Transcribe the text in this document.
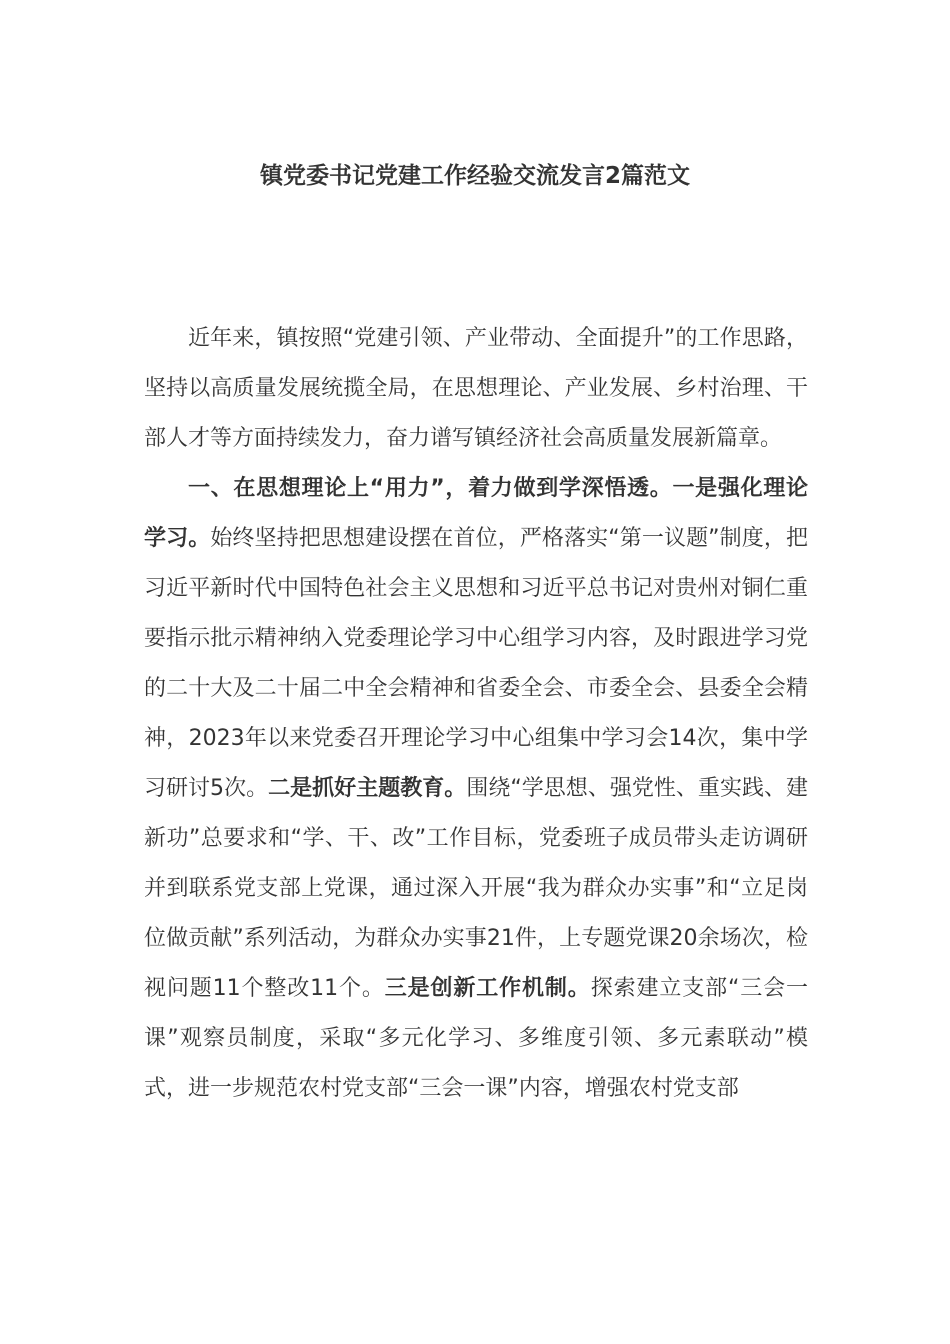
镇党委书记党建工作经验交流发言2篇范文

近年来，镇按照“党建引领、产业带动、全面提升”的工作思路，坚持以高质量发展统揽全局，在思想理论、产业发展、乡村治理、干部人才等方面持续发力，奋力谱写镇经济社会高质量发展新篇章。

一、在思想理论上“用力”，着力做到学深悟透。一是强化理论学习。始终坚持把思想建设摆在首位，严格落实“第一议题”制度，把习近平新时代中国特色社会主义思想和习近平总书记对贵州对铜仁重要指示批示精神纳入党委理论学习中心组学习内容，及时跟进学习党的二十大及二十届二中全会精神和省委全会、市委全会、县委全会精神，2023年以来党委召开理论学习中心组集中学习会14次，集中学习研讨5次。二是抓好主题教育。围绕“学思想、强党性、重实践、建新功”总要求和“学、干、改”工作目标，党委班子成员带头走访调研并到联系党支部上党课，通过深入开展“我为群众办实事”和“立足岗位做贡献”系列活动，为群众办实事21件，上专题党课20余场次，检视问题11个整改11个。三是创新工作机制。探索建立支部“三会一课”观察员制度，采取“多元化学习、多维度引领、多元素联动”模式，进一步规范农村党支部“三会一课”内容，增强农村党支部
